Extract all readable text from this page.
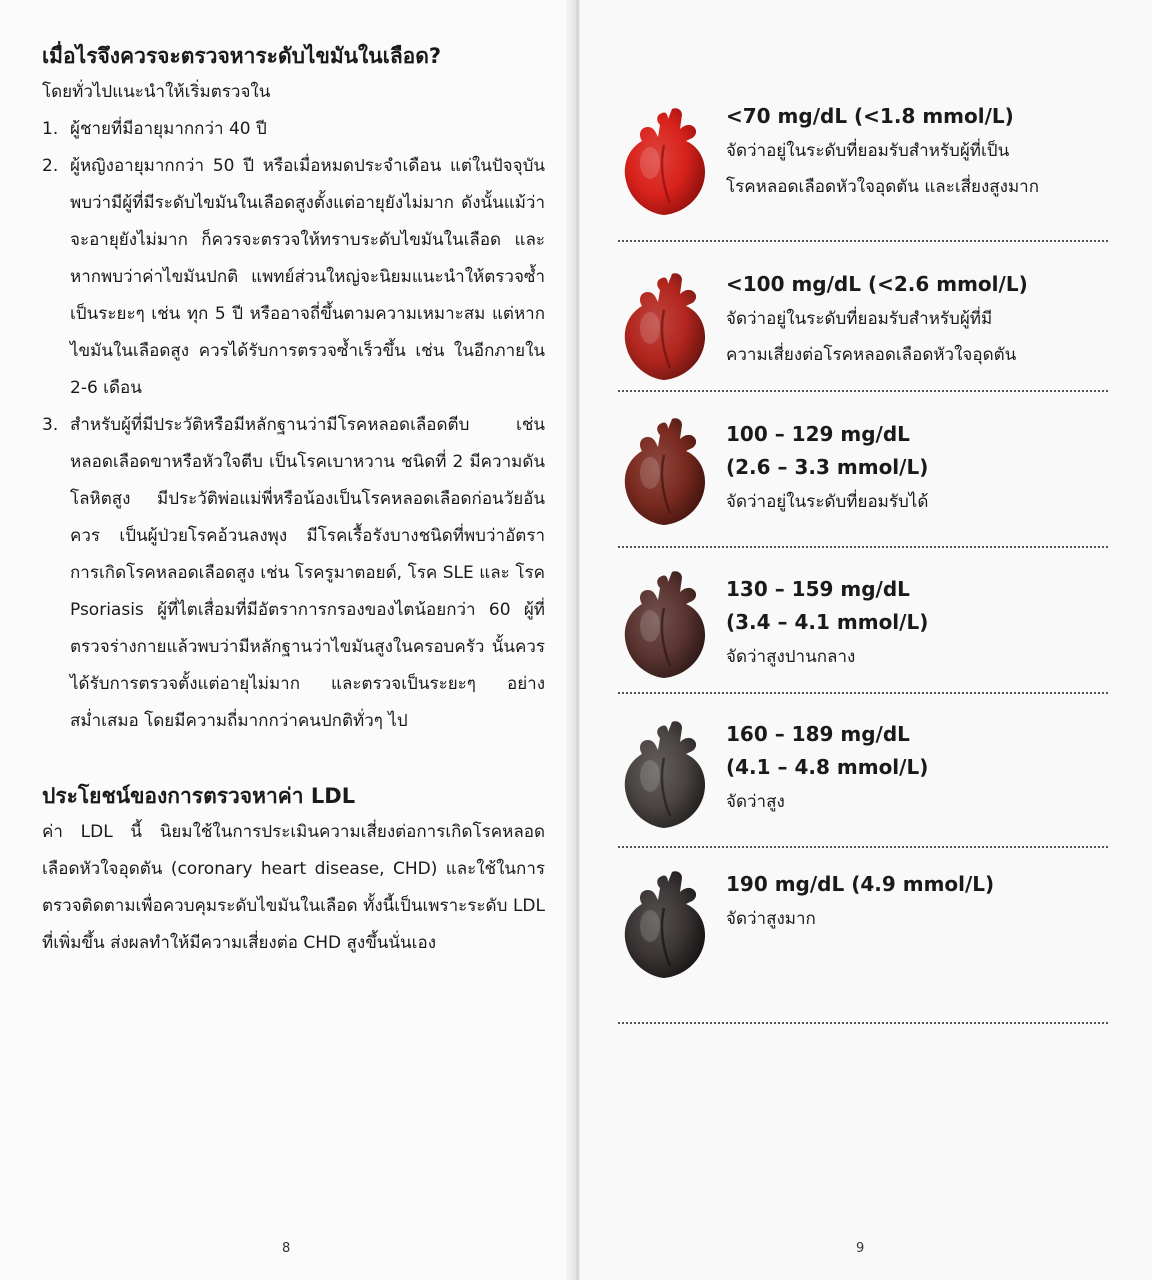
เมื่อไรจึงควรจะตรวจหาระดับไขมันในเลือด?

โดยทั่วไปแนะนำให้เริ่มตรวจใน

1. ผู้ชายที่มีอายุมากกว่า 40 ปี
2. ผู้หญิงอายุมากกว่า 50 ปี หรือเมื่อหมดประจำเดือน แต่ในปัจจุบันพบว่ามีผู้ที่มีระดับไขมันในเลือดสูงตั้งแต่อายุยังไม่มาก ดังนั้นแม้ว่าจะอายุยังไม่มาก ก็ควรจะตรวจให้ทราบระดับไขมันในเลือด และหากพบว่าค่าไขมันปกติ แพทย์ส่วนใหญ่จะนิยมแนะนำให้ตรวจซ้ำเป็นระยะๆ เช่น ทุก 5 ปี หรืออาจถี่ขึ้นตามความเหมาะสม แต่หากไขมันในเลือดสูง ควรได้รับการตรวจซ้ำเร็วขึ้น เช่น ในอีกภายใน 2-6 เดือน
3. สำหรับผู้ที่มีประวัติหรือมีหลักฐานว่ามีโรคหลอดเลือดตีบ เช่น หลอดเลือดขาหรือหัวใจตีบ เป็นโรคเบาหวาน ชนิดที่ 2 มีความดันโลหิตสูง มีประวัติพ่อแม่พี่หรือน้องเป็นโรคหลอดเลือดก่อนวัยอันควร เป็นผู้ป่วยโรคอ้วนลงพุง มีโรคเรื้อรังบางชนิดที่พบว่าอัตราการเกิดโรคหลอดเลือดสูง เช่น โรครูมาตอยด์, โรค SLE และ โรค Psoriasis ผู้ที่ไตเสื่อมที่มีอัตราการกรองของไตน้อยกว่า 60 ผู้ที่ตรวจร่างกายแล้วพบว่ามีหลักฐานว่าไขมันสูงในครอบครัว นั้นควรได้รับการตรวจตั้งแต่อายุไม่มาก และตรวจเป็นระยะๆ อย่างสม่ำเสมอ โดยมีความถี่มากกว่าคนปกติทั่วๆ ไป
ประโยชน์ของการตรวจหาค่า LDL

ค่า LDL นี้ นิยมใช้ในการประเมินความเสี่ยงต่อการเกิดโรคหลอดเลือดหัวใจอุดตัน (coronary heart disease, CHD) และใช้ในการตรวจติดตามเพื่อควบคุมระดับไขมันในเลือด ทั้งนี้เป็นเพราะระดับ LDL ที่เพิ่มขึ้น ส่งผลทำให้มีความเสี่ยงต่อ CHD สูงขึ้นนั่นเอง

8
<70 mg/dL (<1.8 mmol/L)
จัดว่าอยู่ในระดับที่ยอมรับสำหรับผู้ที่เป็น
โรคหลอดเลือดหัวใจอุดตัน และเสี่ยงสูงมาก
<100 mg/dL (<2.6 mmol/L)
จัดว่าอยู่ในระดับที่ยอมรับสำหรับผู้ที่มี
ความเสี่ยงต่อโรคหลอดเลือดหัวใจอุดตัน
100 – 129 mg/dL
(2.6 – 3.3 mmol/L)
จัดว่าอยู่ในระดับที่ยอมรับได้
130 – 159 mg/dL
(3.4 – 4.1 mmol/L)
จัดว่าสูงปานกลาง
160 – 189 mg/dL
(4.1 – 4.8 mmol/L)
จัดว่าสูง
190 mg/dL (4.9 mmol/L)
จัดว่าสูงมาก
9
